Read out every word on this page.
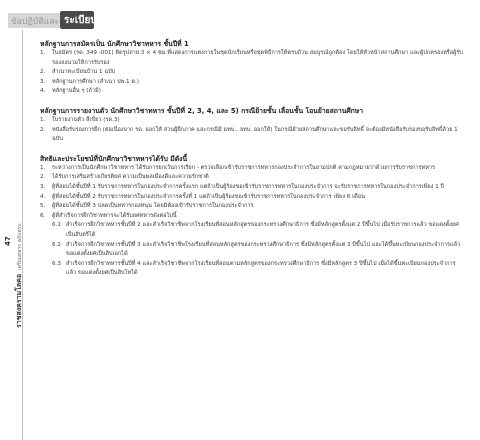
ข้อปฏิบัติและ ระเบียบ
47
ราชสงครามโลคอเตรียมทหาร ฉบับครบ
หลักฐานการสมัครเป็น นักศึกษาวิชาทหาร ชั้นปีที่ 1
1. ใบสมัคร (รด. 349 -001) ติดรูปถ่าย 3 × 4 ซม.ที่แสดงการแต่งกายในชุดนักเรียนหรือชุดพิธีการให้ครบถ้วน สมบูรณ์ถูกต้อง โดยให้หัวหน้าสถานศึกษา และผู้ปกครองหรือผู้รับรองลงนามให้การรับรอง
2. สำเนาทะเบียนบ้าน 1 ฉบับ
3. หลักฐานการศึกษา (สำเนา ปพ.1 ต.)
4. หลักฐานอื่น ๆ (ถ้ามี)
หลักฐานการรายงานตัว นักศึกษาวิชาทหาร ชั้นปีที่ 2, 3, 4, และ 5) กรณีย้ายชั้น เลื่อนชั้น โอนย้ายสถานศึกษา
1. ใบรายงานตัว สีเขียว (รด.3)
2. หนังสือรับรองการฝึก (ต่อเนื่องจาก รด. ออกให้ ส่วนผู้ฝึกภาค และกรณีมี มทบ., จทบ. ออกให้) ในกรณีย้ายสถานศึกษาและขอรับสิทธิ์ จะต้องมีหนังสือรับรองขอรับสิทธิ์ด้วย 1 ฉบับ
สิทธิและประโยชน์ที่นักศึกษาวิชาทหารได้รับ มีดังนี้
1. ระหว่างการเป็นนักศึกษาวิชาทหาร ได้รับการยกเว้นการเรียก - ตรวจเลือกเข้ารับราชการทหารกองประจำการในยามปกติ ตามกฎหมายว่าด้วยการรับราชการทหาร
2. ได้รับการเสริมสร้างเกียรติยศ ความเป็นพลเมืองดีและความรักชาติ
3. ผู้ที่สอบได้ชั้นปีที่ 1 รับราชการทหารในกองประจำการครั้งแรก แต่ถ้าเป็นผู้ร้องขอเข้ารับราชการทหารในกองประจำการ จะรับราชการทหารในกองประจำการเพียง 1 ปี
4. ผู้ที่สอบได้ชั้นปีที่ 2 รับราชการทหารในกองประจำการครั้งที่ 1 แต่ถ้าเป็นผู้ร้องขอเข้ารับราชการทหารในกองประจำการ เพียง 6 เดือน
5. ผู้ที่สอบได้ชั้นปีที่ 3 ปลดเป็นทหารกองหนุน โดยมิต้องเข้ารับราชการในกองประจำการ
6. ผู้ที่สำเร็จการฝึกวิชาทหารจะได้รับยศทหารดังต่อไปนี้
6.1 สำเร็จการฝึกวิชาทหารชั้นปีที่ 2 และสำเร็จวิชาชีพจากโรงเรียนที่สอนหลักสูตรของกระทรวงศึกษาธิการ ซึ่งมีหลักสูตรตั้งแต่ 2 ปีขึ้นไป เมื่อรับราชการแล้ว ขอแต่งตั้งยศเป็นสิบตรีได้
6.2 สำเร็จการฝึกวิชาทหารชั้นปีที่ 3 และสำเร็จวิชาชีพโรงเรียนที่สอนหลักสูตรของกระทรวงศึกษาธิการ ซึ่งมีหลักสูตรตั้งแต่ 3 ปีขึ้นไป และได้ขึ้นทะเบียนกองประจำการแล้ว ขอแต่งตั้งยศเป็นสิบเอกได้
6.3 สำเร็จการฝึกวิชาทหารชั้นปีที่ 4 และสำเร็จวิชาชีพจากโรงเรียนที่สอนตามหลักสูตรของกระทรวงศึกษาธิการ ซึ่งมีหลักสูตร 3 ปีขึ้นไป เมื่อได้ขึ้นทะเบียนกองประจำการแล้ว ขอแต่งตั้งยศเป็นสิบโทได้
